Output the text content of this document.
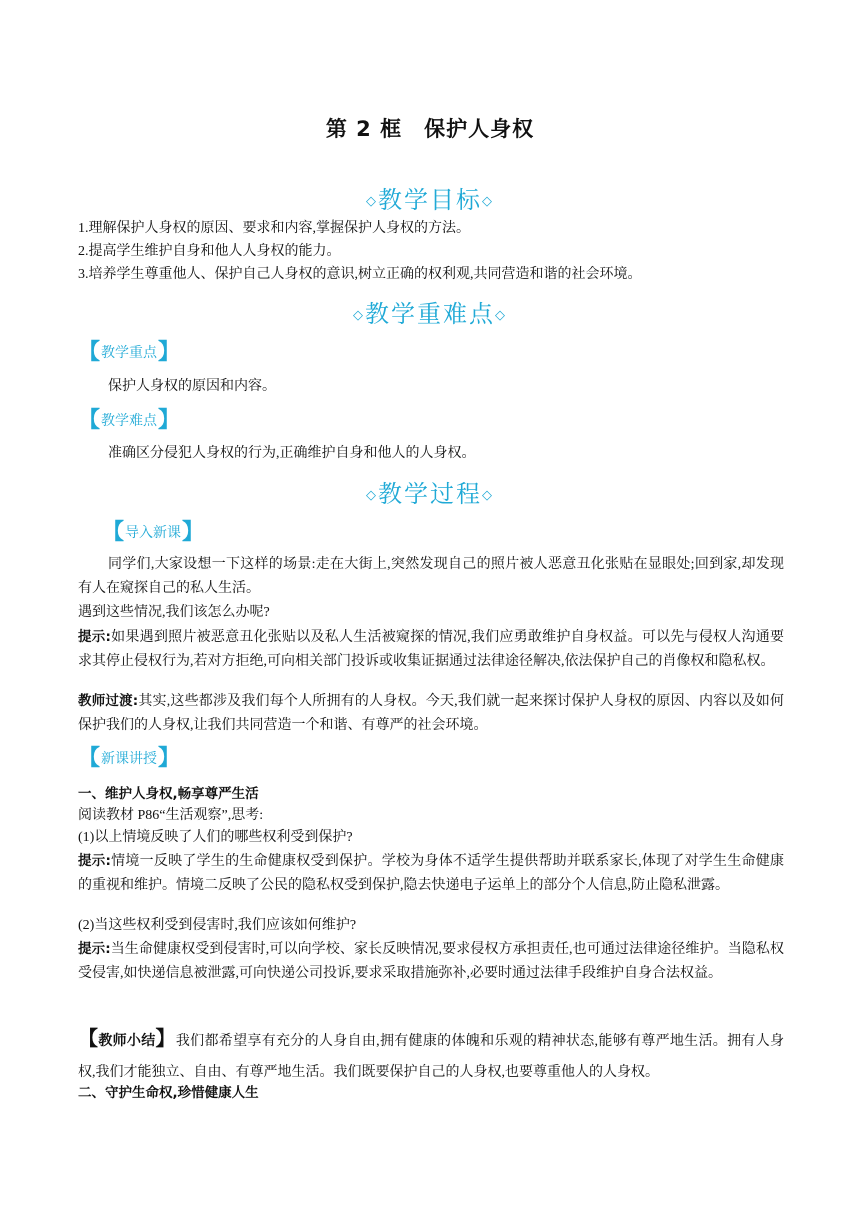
第 2 框　保护人身权
◇教学目标◇
1.理解保护人身权的原因、要求和内容,掌握保护人身权的方法。
2.提高学生维护自身和他人人身权的能力。
3.培养学生尊重他人、保护自己人身权的意识,树立正确的权利观,共同营造和谐的社会环境。
◇教学重难点◇
【 教学重点 】
保护人身权的原因和内容。
【 教学难点 】
准确区分侵犯人身权的行为,正确维护自身和他人的人身权。
◇教学过程◇
【 导入新课 】
同学们,大家设想一下这样的场景:走在大街上,突然发现自己的照片被人恶意丑化张贴在显眼处;回到家,却发现有人在窥探自己的私人生活。
遇到这些情况,我们该怎么办呢?
提示:如果遇到照片被恶意丑化张贴以及私人生活被窥探的情况,我们应勇敢维护自身权益。可以先与侵权人沟通要求其停止侵权行为,若对方拒绝,可向相关部门投诉或收集证据通过法律途径解决,依法保护自己的肖像权和隐私权。
教师过渡:其实,这些都涉及我们每个人所拥有的人身权。今天,我们就一起来探讨保护人身权的原因、内容以及如何保护我们的人身权,让我们共同营造一个和谐、有尊严的社会环境。
【 新课讲授 】
一、维护人身权,畅享尊严生活
阅读教材 P86“生活观察”,思考:
(1)以上情境反映了人们的哪些权利受到保护?
提示:情境一反映了学生的生命健康权受到保护。学校为身体不适学生提供帮助并联系家长,体现了对学生生命健康的重视和维护。情境二反映了公民的隐私权受到保护,隐去快递电子运单上的部分个人信息,防止隐私泄露。
(2)当这些权利受到侵害时,我们应该如何维护?
提示:当生命健康权受到侵害时,可以向学校、家长反映情况,要求侵权方承担责任,也可通过法律途径维护。当隐私权受侵害,如快递信息被泄露,可向快递公司投诉,要求采取措施弥补,必要时通过法律手段维护自身合法权益。
【教师小结】我们都希望享有充分的人身自由,拥有健康的体魄和乐观的精神状态,能够有尊严地生活。拥有人身权,我们才能独立、自由、有尊严地生活。我们既要保护自己的人身权,也要尊重他人的人身权。
二、守护生命权,珍惜健康人生
